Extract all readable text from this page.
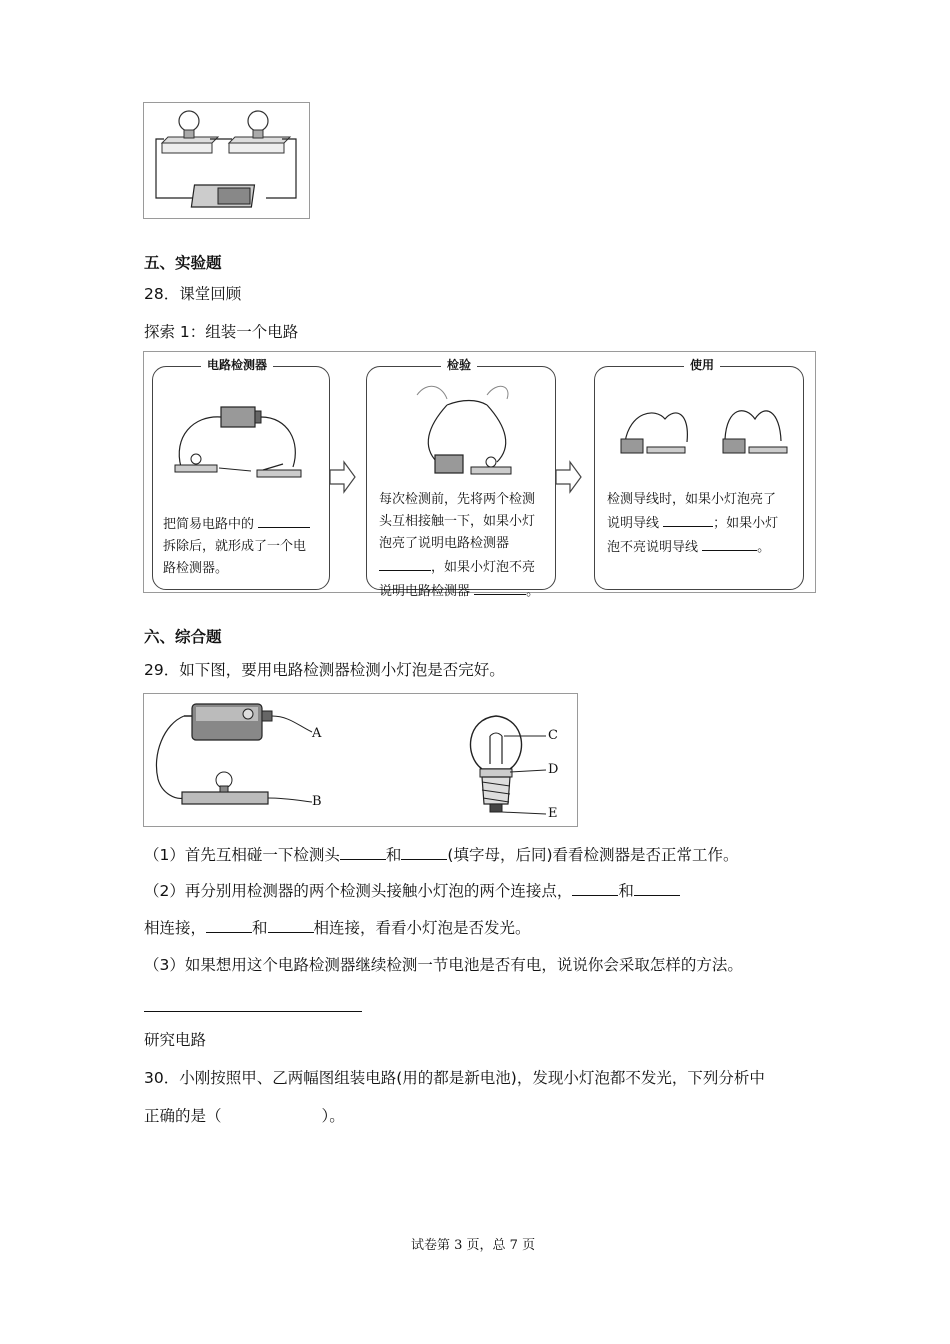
五、实验题
28．课堂回顾
探索 1：组装一个电路
把简易电路中的
拆除后，就形成了一个电
路检测器。
电路检测器
每次检测前，先将两个检测
头互相接触一下，如果小灯
泡亮了说明电路检测器
，如果小灯泡不亮
说明电路检测器	。
检验
检测导线时，如果小灯泡亮了
说明导线	；如果小灯
泡不亮说明导线	。
使用
六、综合题
29．如下图，要用电路检测器检测小灯泡是否完好。
A
B
C
D
E
（1）首先互相碰一下检测头	和	(填字母，后同)看看检测器是否正常工作。
（2）再分别用检测器的两个检测头接触小灯泡的两个连接点，	和
相连接，	和	相连接，看看小灯泡是否发光。
（3）如果想用这个电路检测器继续检测一节电池是否有电，说说你会采取怎样的方法。
研究电路
30．小刚按照甲、乙两幅图组装电路(用的都是新电池)，发现小灯泡都不发光，下列分析中
正确的是（	）。
试卷第 3 页，总 7 页
